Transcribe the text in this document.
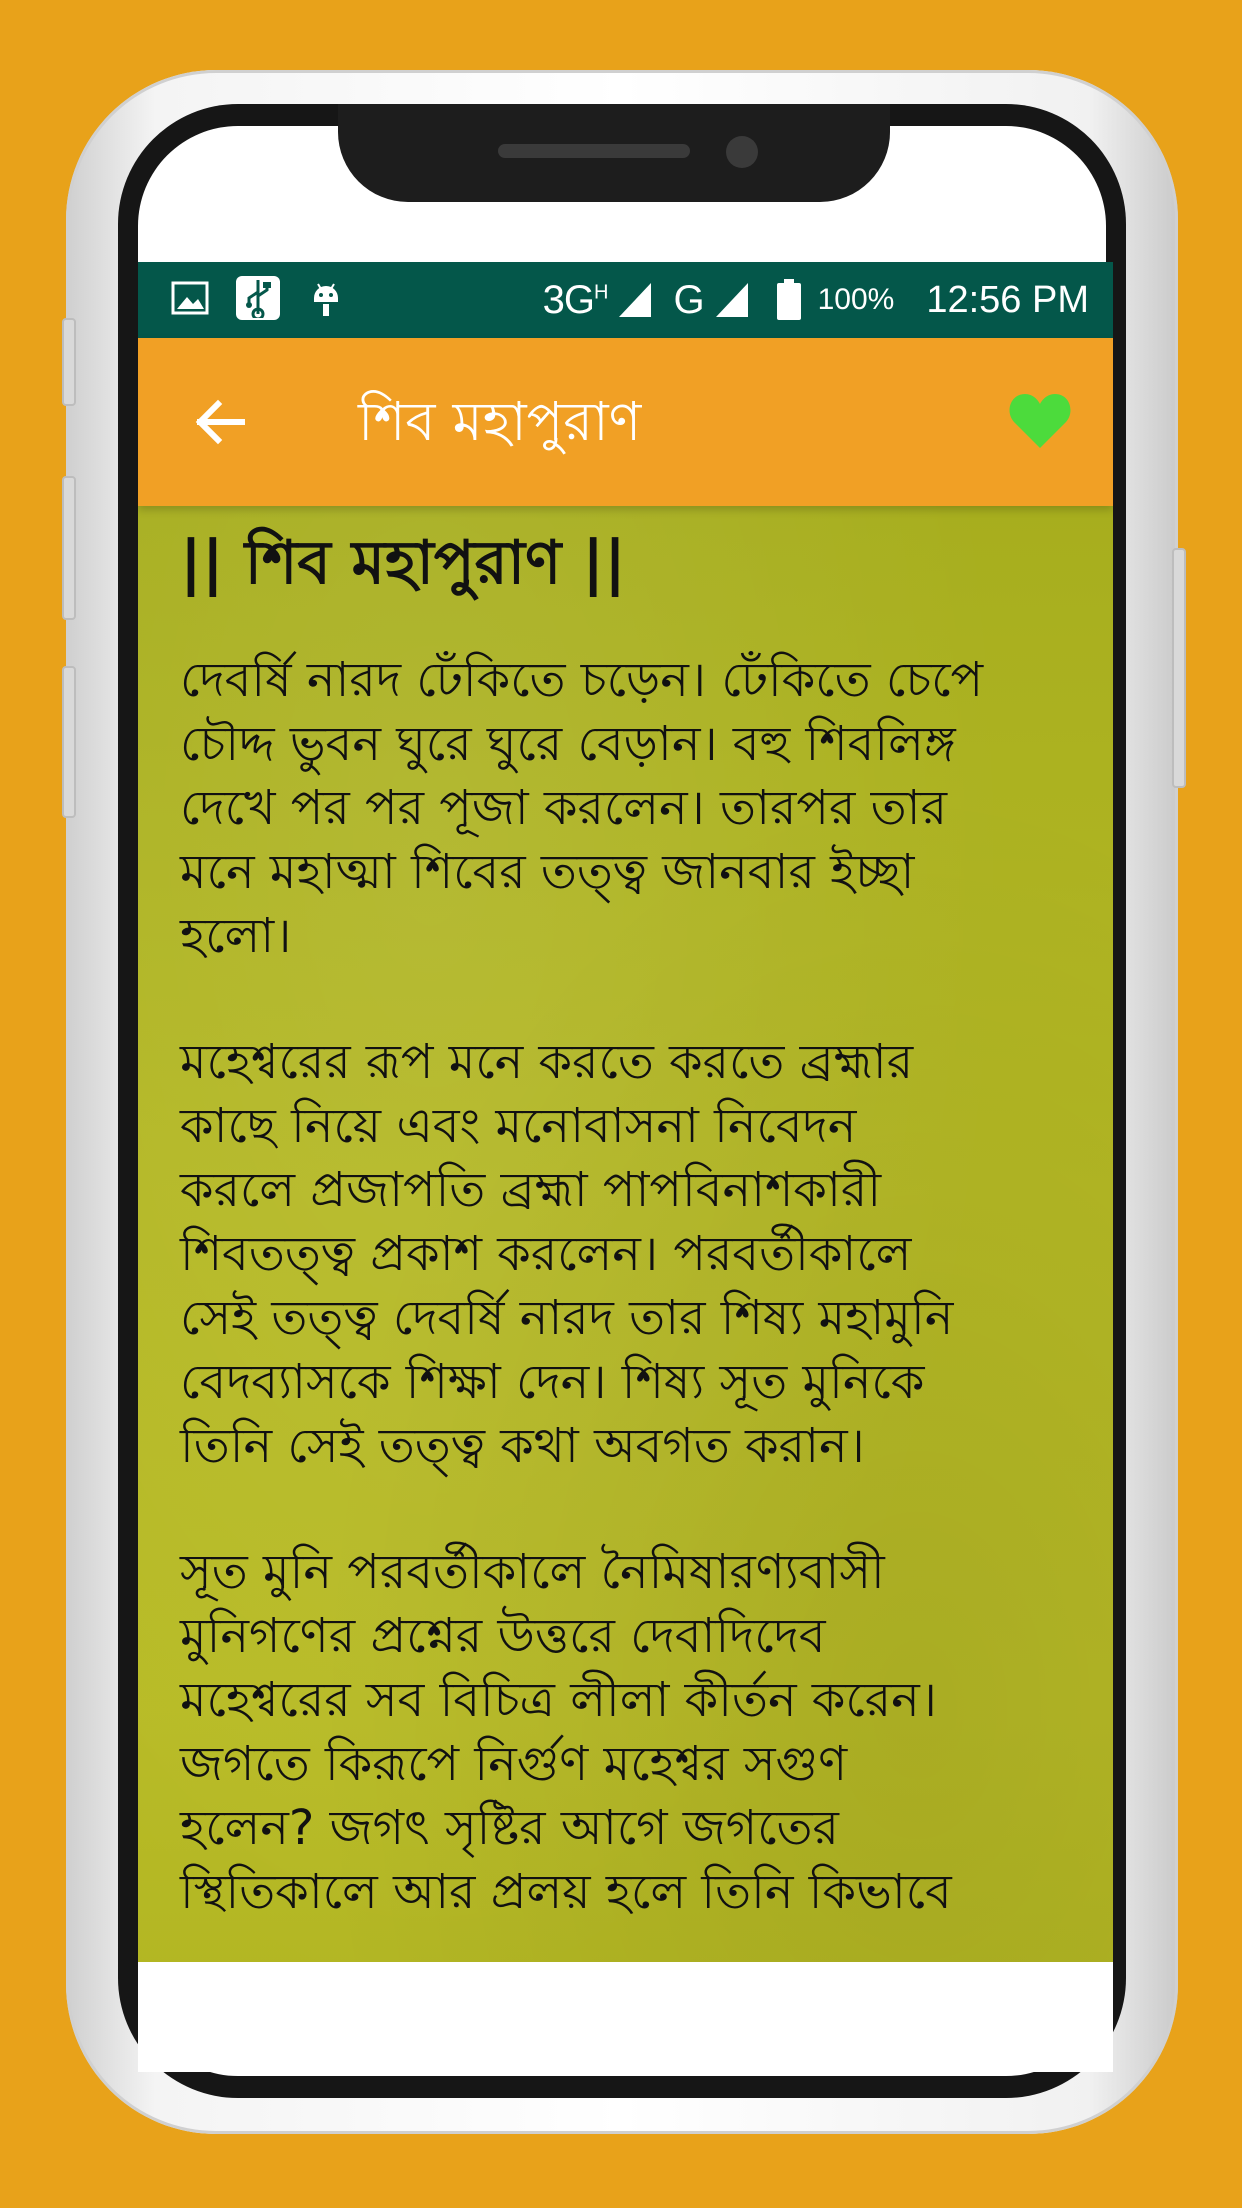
$3G^H$ G	100% 12:56 PM
শিব মহাপুরাণ
|| শিব মহাপুরাণ ||
দেবর্ষি নারদ ঢেঁকিতে চড়েন। ঢেঁকিতে চেপে
চৌদ্দ ভুবন ঘুরে ঘুরে বেড়ান। বহু শিবলিঙ্গ
দেখে পর পর পূজা করলেন। তারপর তার
মনে মহাত্মা শিবের তত্ত্ব জানবার ইচ্ছা
হলো।
মহেশ্বরের রূপ মনে করতে করতে ব্রহ্মার
কাছে নিয়ে এবং মনোবাসনা নিবেদন
করলে প্রজাপতি ব্রহ্মা পাপবিনাশকারী
শিবতত্ত্ব প্রকাশ করলেন। পরবর্তীকালে
সেই তত্ত্ব দেবর্ষি নারদ তার শিষ্য মহামুনি
বেদব্যাসকে শিক্ষা দেন। শিষ্য সূত মুনিকে
তিনি সেই তত্ত্ব কথা অবগত করান।
সূত মুনি পরবর্তীকালে নৈমিষারণ্যবাসী
মুনিগণের প্রশ্নের উত্তরে দেবাদিদেব
মহেশ্বরের সব বিচিত্র লীলা কীর্তন করেন।
জগতে কিরূপে নির্গুণ মহেশ্বর সগুণ
হলেন? জগৎ সৃষ্টির আগে জগতের
স্থিতিকালে আর প্রলয় হলে তিনি কিভাবে
